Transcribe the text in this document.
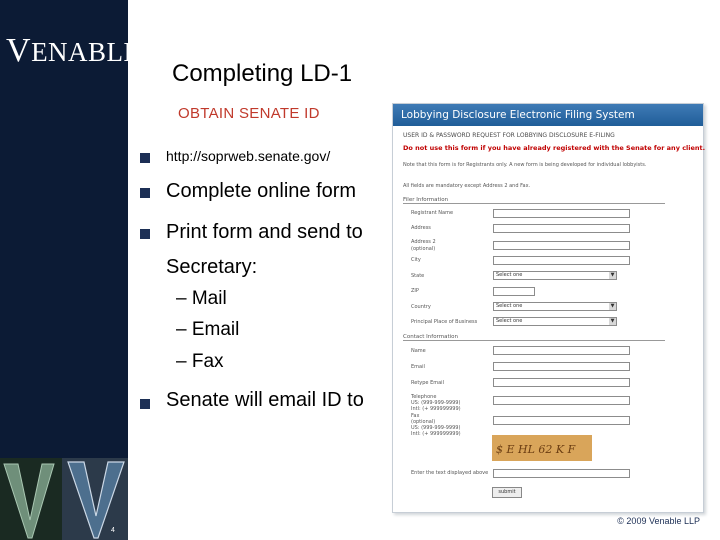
VENABLE®LLP
4
Completing LD-1
OBTAIN SENATE ID
http://soprweb.senate.gov/
Complete online form
Print form and send to
Secretary:
– Mail
– Email
– Fax
Senate will email ID to
Lobbying Disclosure Electronic Filing System
USER ID & PASSWORD REQUEST FOR LOBBYING DISCLOSURE E-FILING
Do not use this form if you have already registered with the Senate for any client.
Note that this form is for Registrants only. A new form is being developed for individual lobbyists.
All fields are mandatory except Address 2 and Fax.
Filer Information
Registrant Name
Address
Address 2
(optional)
City
State	Select one	▼
ZIP
Country	Select one	▼
Principal Place of Business	Select one	▼
Contact Information
Name
Email
Retype Email
Telephone
US: (999-999-9999)
Intl: (+ 999999999)
Fax
(optional)
US: (999-999-9999)
Intl: (+ 999999999)
$ E HL 62 K F
Enter the text displayed above
submit
© 2009 Venable LLP
